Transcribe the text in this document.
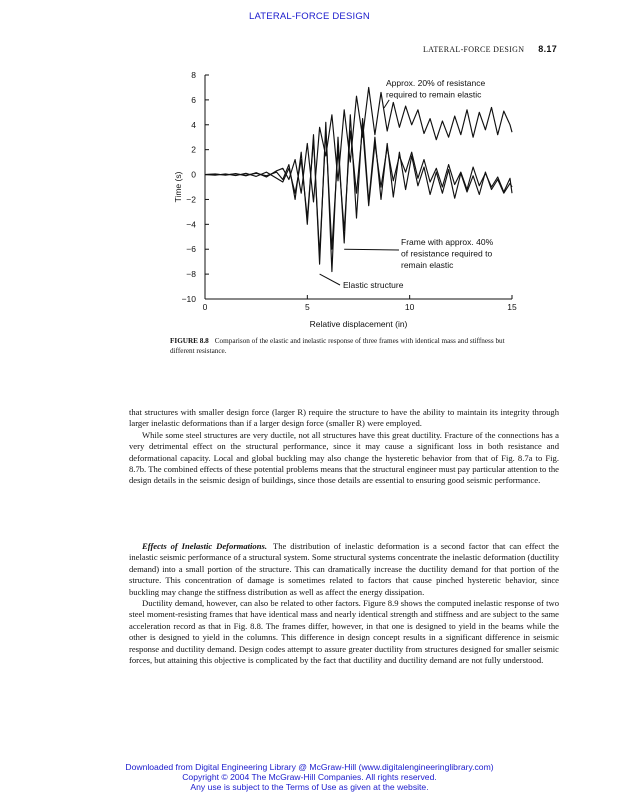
LATERAL-FORCE DESIGN
LATERAL-FORCE DESIGN 8.17
8
6
4
2
0
−2
−4
−6
−8
−10
0	5	10	15
Relative displacement (in)
Time (s)
Approx. 20% of resistance
required to remain elastic
Frame with approx. 40%
of resistance required to
remain elastic
Elastic structure
FIGURE 8.8 Comparison of the elastic and inelastic response of three frames with identical mass and stiffness but different resistance.

that structures with smaller design force (larger R) require the structure to have the ability to maintain its integrity through larger inelastic deformations than if a larger design force (smaller R) were employed.

While some steel structures are very ductile, not all structures have this great ductility. Fracture of the connections has a very detrimental effect on the structural performance, since it may cause a significant loss in both resistance and deformational capacity. Local and global buckling may also change the hysteretic behavior from that of Fig. 8.7a to Fig. 8.7b. The combined effects of these potential problems means that the structural engineer must pay particular attention to the design details in the seismic design of buildings, since those details are essential to ensuring good seismic performance.

Effects of Inelastic Deformations. The distribution of inelastic deformation is a second factor that can effect the inelastic seismic performance of a structural system. Some structural systems concentrate the inelastic deformation (ductility demand) into a small portion of the structure. This can dramatically increase the ductility demand for that portion of the structure. This concentration of damage is sometimes related to factors that cause pinched hysteretic behavior, since buckling may change the stiffness distribution as well as affect the energy dissipation.

Ductility demand, however, can also be related to other factors. Figure 8.9 shows the computed inelastic response of two steel moment-resisting frames that have identical mass and nearly identical strength and stiffness and are subject to the same acceleration record as that in Fig. 8.8. The frames differ, however, in that one is designed to yield in the beams while the other is designed to yield in the columns. This difference in design concept results in a significant difference in seismic response and ductility demand. Design codes attempt to assure greater ductility from structures designed for smaller seismic forces, but attaining this objective is complicated by the fact that ductility and ductility demand are not fully understood.

Downloaded from Digital Engineering Library @ McGraw-Hill (www.digitalengineeringlibrary.com)
Copyright © 2004 The McGraw-Hill Companies. All rights reserved.
Any use is subject to the Terms of Use as given at the website.
